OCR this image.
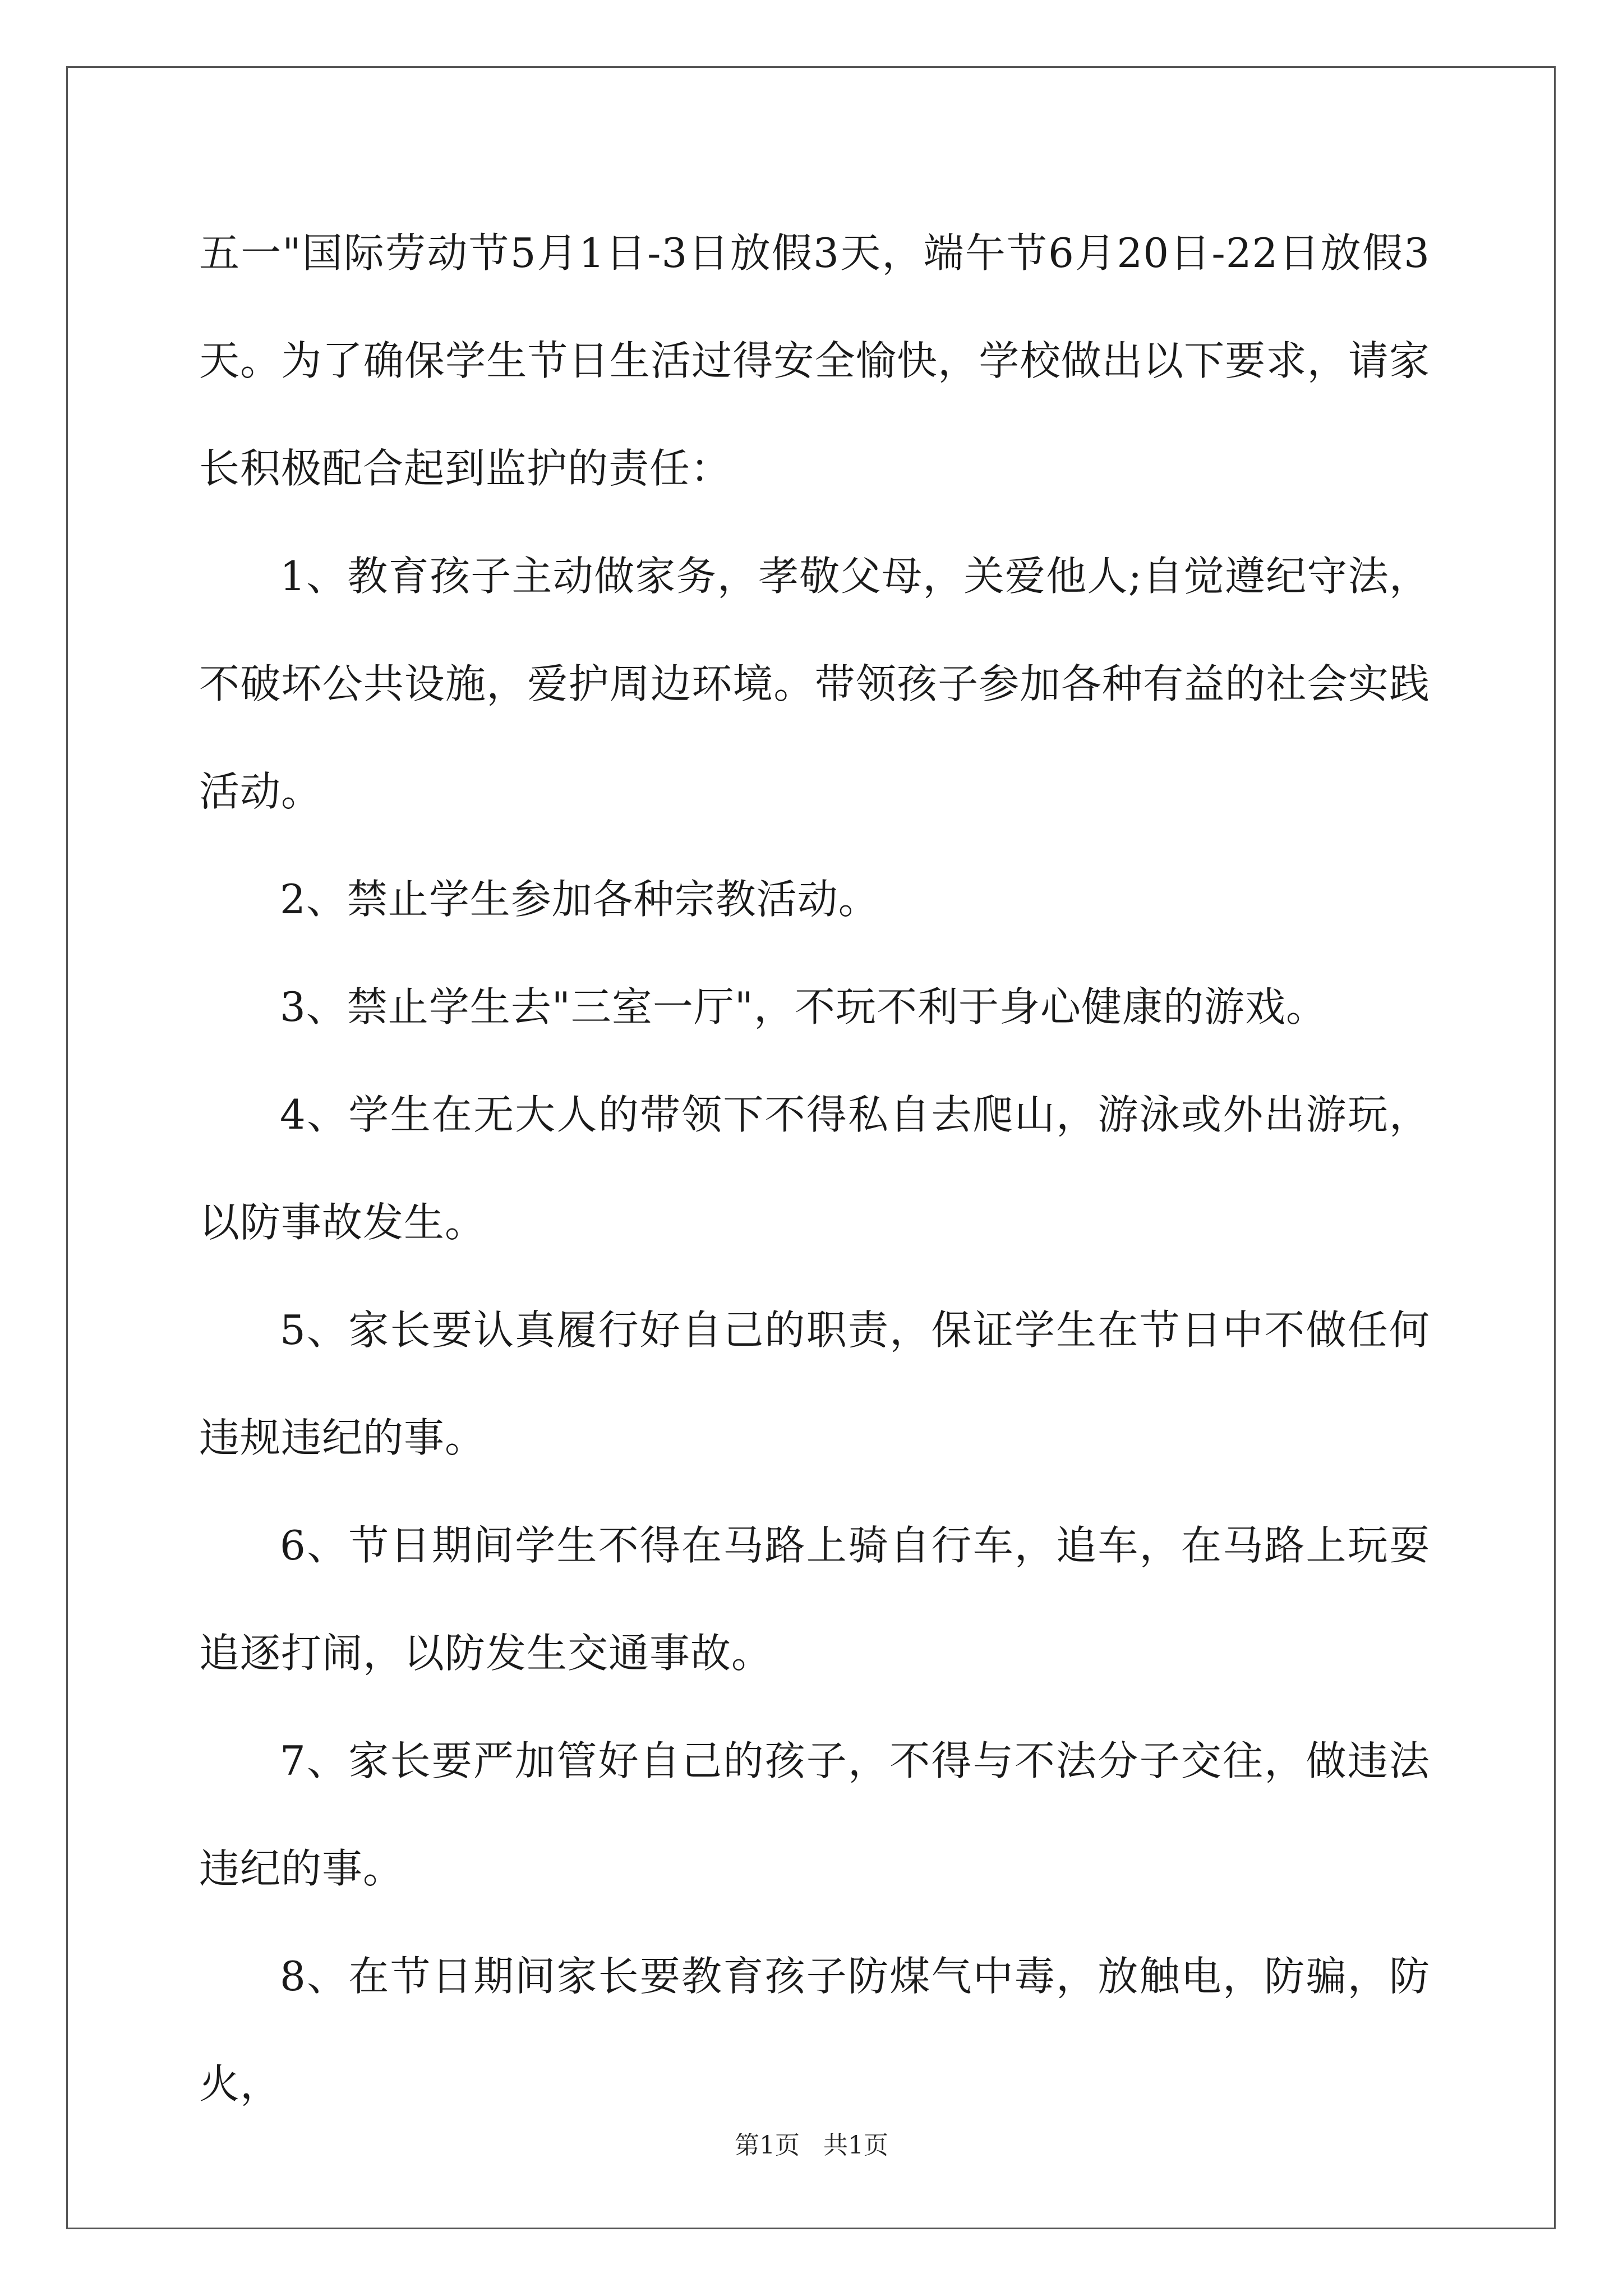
五一"国际劳动节5月1日-3日放假3天，端午节6月20日-22日放假3天。为了确保学生节日生活过得安全愉快，学校做出以下要求，请家长积极配合起到监护的责任：

1、教育孩子主动做家务，孝敬父母，关爱他人;自觉遵纪守法，不破坏公共设施，爱护周边环境。带领孩子参加各种有益的社会实践活动。

2、禁止学生参加各种宗教活动。

3、禁止学生去"三室一厅"，不玩不利于身心健康的游戏。

4、学生在无大人的带领下不得私自去爬山，游泳或外出游玩，以防事故发生。

5、家长要认真履行好自己的职责，保证学生在节日中不做任何违规违纪的事。

6、节日期间学生不得在马路上骑自行车，追车，在马路上玩耍追逐打闹，以防发生交通事故。

7、家长要严加管好自己的孩子，不得与不法分子交往，做违法违纪的事。

8、在节日期间家长要教育孩子防煤气中毒，放触电，防骗，防火，

第1页 共1页
